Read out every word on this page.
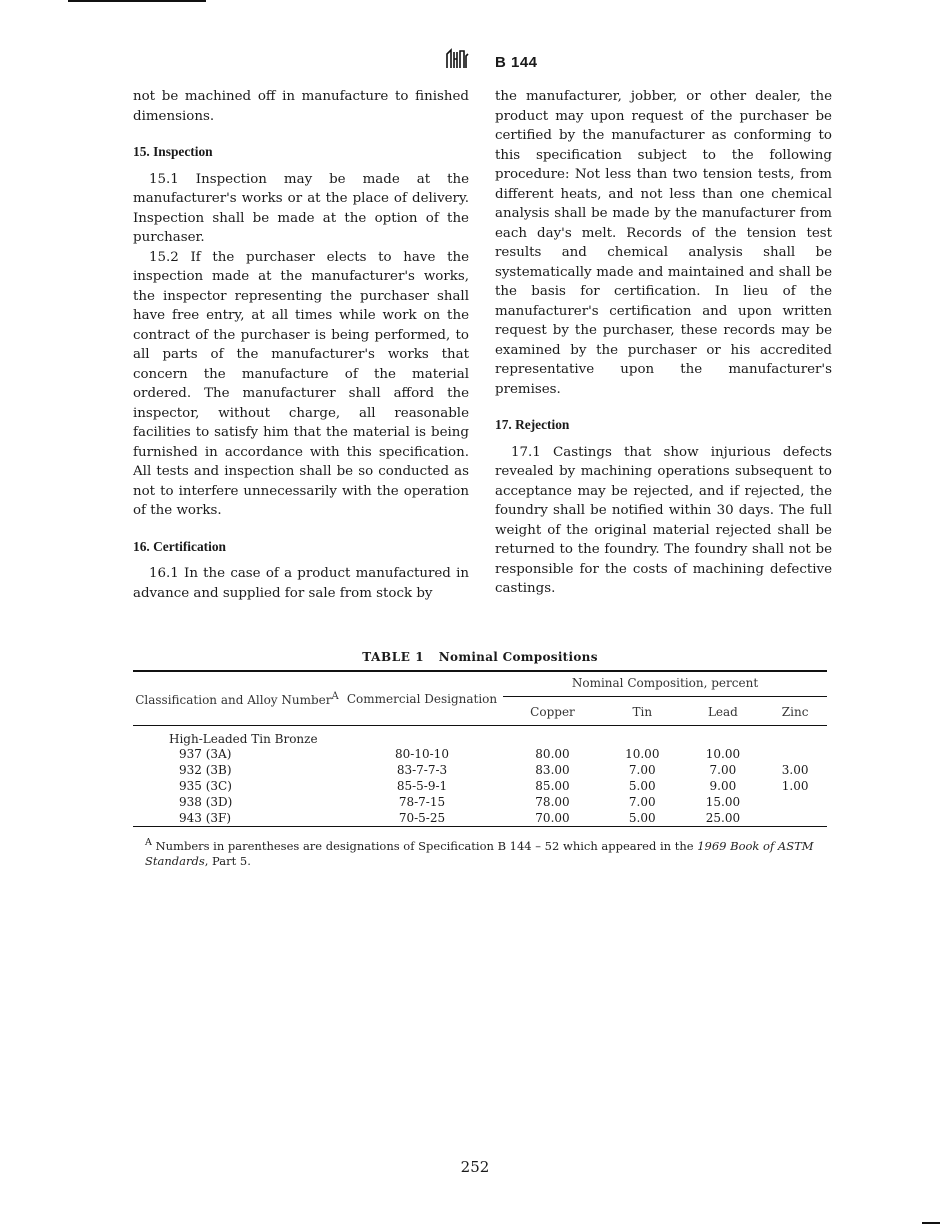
B 144

not be machined off in manufacture to finished dimensions.

15. Inspection

15.1 Inspection may be made at the manufacturer's works or at the place of delivery. Inspection shall be made at the option of the purchaser.

15.2 If the purchaser elects to have the inspection made at the manufacturer's works, the inspector representing the purchaser shall have free entry, at all times while work on the contract of the purchaser is being performed, to all parts of the manufacturer's works that concern the manufacture of the material ordered. The manufacturer shall afford the inspector, without charge, all reasonable facilities to satisfy him that the material is being furnished in accordance with this specification. All tests and inspection shall be so conducted as not to interfere unnecessarily with the operation of the works.

16. Certification

16.1 In the case of a product manufactured in advance and supplied for sale from stock by

the manufacturer, jobber, or other dealer, the product may upon request of the purchaser be certified by the manufacturer as conforming to this specification subject to the following procedure: Not less than two tension tests, from different heats, and not less than one chemical analysis shall be made by the manufacturer from each day's melt. Records of the tension test results and chemical analysis shall be systematically made and maintained and shall be the basis for certification. In lieu of the manufacturer's certification and upon written request by the purchaser, these records may be examined by the purchaser or his accredited representative upon the manufacturer's premises.

17. Rejection

17.1 Castings that show injurious defects revealed by machining operations subsequent to acceptance may be rejected, and if rejected, the foundry shall be notified within 30 days. The full weight of the original material rejected shall be returned to the foundry. The foundry shall not be responsible for the costs of machining defective castings.

TABLE 1 Nominal Compositions

Classification and Alloy Number$^A$	Commercial Designation	Nominal Composition, percent			
		Copper	Tin	Lead	Zinc

High-Leaded Tin Bronze					
937 (3A)	80-10-10	80.00	10.00	10.00	
932 (3B)	83-7-7-3	83.00	7.00	7.00	3.00
935 (3C)	85-5-9-1	85.00	5.00	9.00	1.00
938 (3D)	78-7-15	78.00	7.00	15.00	
943 (3F)	70-5-25	70.00	5.00	25.00	

$^A$ Numbers in parentheses are designations of Specification B 144 – 52 which appeared in the 1969 Book of ASTM Standards, Part 5.
252
